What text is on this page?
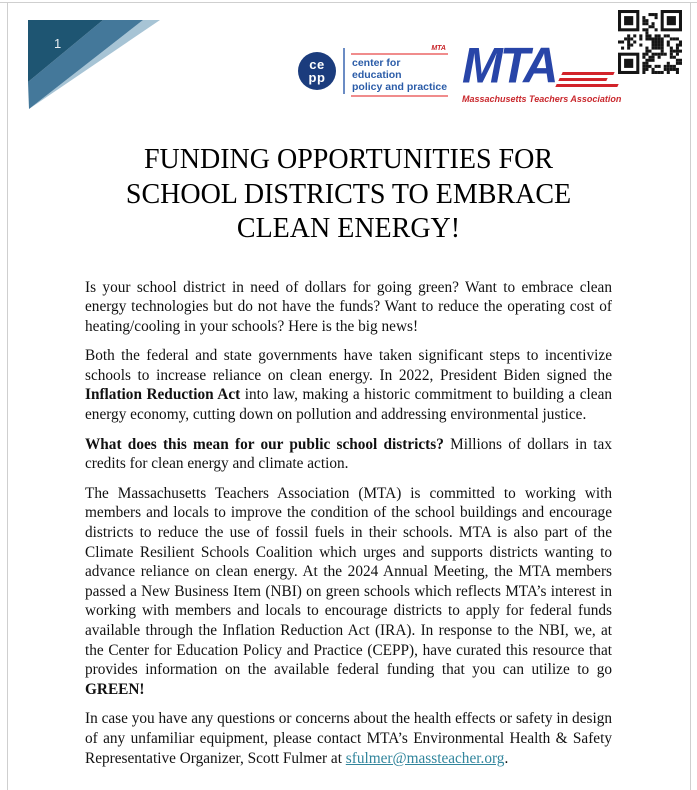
1
ce
pp
MTA
center for education
policy and practice MTA
Massachusetts Teachers Association
FUNDING OPPORTUNITIES FOR
SCHOOL DISTRICTS TO EMBRACE
CLEAN ENERGY!

Is your school district in need of dollars for going green? Want to embrace clean energy technologies but do not have the funds? Want to reduce the operating cost of heating/cooling in your schools? Here is the big news!

Both the federal and state governments have taken significant steps to incentivize schools to increase reliance on clean energy. In 2022, President Biden signed the Inflation Reduction Act into law, making a historic commitment to building a clean energy economy, cutting down on pollution and addressing environmental justice.

What does this mean for our public school districts? Millions of dollars in tax credits for clean energy and climate action.

The Massachusetts Teachers Association (MTA) is committed to working with members and locals to improve the condition of the school buildings and encourage districts to reduce the use of fossil fuels in their schools. MTA is also part of the Climate Resilient Schools Coalition which urges and supports districts wanting to advance reliance on clean energy. At the 2024 Annual Meeting, the MTA members passed a New Business Item (NBI) on green schools which reflects MTA’s interest in working with members and locals to encourage districts to apply for federal funds available through the Inflation Reduction Act (IRA). In response to the NBI, we, at the Center for Education Policy and Practice (CEPP), have curated this resource that provides information on the available federal funding that you can utilize to go GREEN!

In case you have any questions or concerns about the health effects or safety in design of any unfamiliar equipment, please contact MTA’s Environmental Health & Safety Representative Organizer, Scott Fulmer at sfulmer@massteacher.org.
